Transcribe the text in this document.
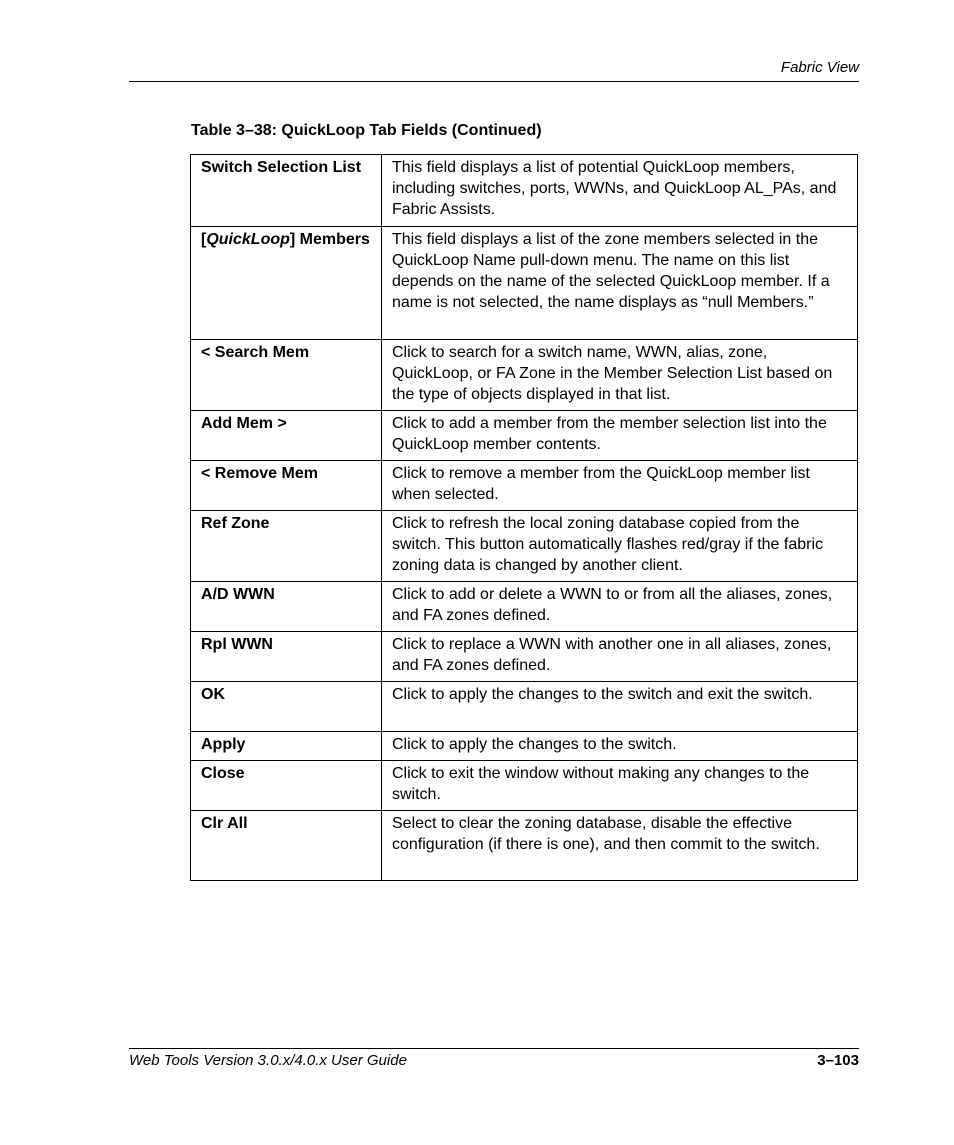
Fabric View
Table 3–38: QuickLoop Tab Fields (Continued)
Switch Selection List	This field displays a list of potential QuickLoop members, including switches, ports, WWNs, and QuickLoop AL_PAs, and Fabric Assists.
[QuickLoop] Members	This field displays a list of the zone members selected in the QuickLoop Name pull-down menu. The name on this list depends on the name of the selected QuickLoop member. If a name is not selected, the name displays as “null Members.”
< Search Mem	Click to search for a switch name, WWN, alias, zone, QuickLoop, or FA Zone in the Member Selection List based on the type of objects displayed in that list.
Add Mem >	Click to add a member from the member selection list into the QuickLoop member contents.
< Remove Mem	Click to remove a member from the QuickLoop member list when selected.
Ref Zone	Click to refresh the local zoning database copied from the switch. This button automatically flashes red/gray if the fabric zoning data is changed by another client.
A/D WWN	Click to add or delete a WWN to or from all the aliases, zones, and FA zones defined.
Rpl WWN	Click to replace a WWN with another one in all aliases, zones, and FA zones defined.
OK	Click to apply the changes to the switch and exit the switch.
Apply	Click to apply the changes to the switch.
Close	Click to exit the window without making any changes to the switch.
Clr All	Select to clear the zoning database, disable the effective configuration (if there is one), and then commit to the switch.
Web Tools Version 3.0.x/4.0.x User Guide	3–103
